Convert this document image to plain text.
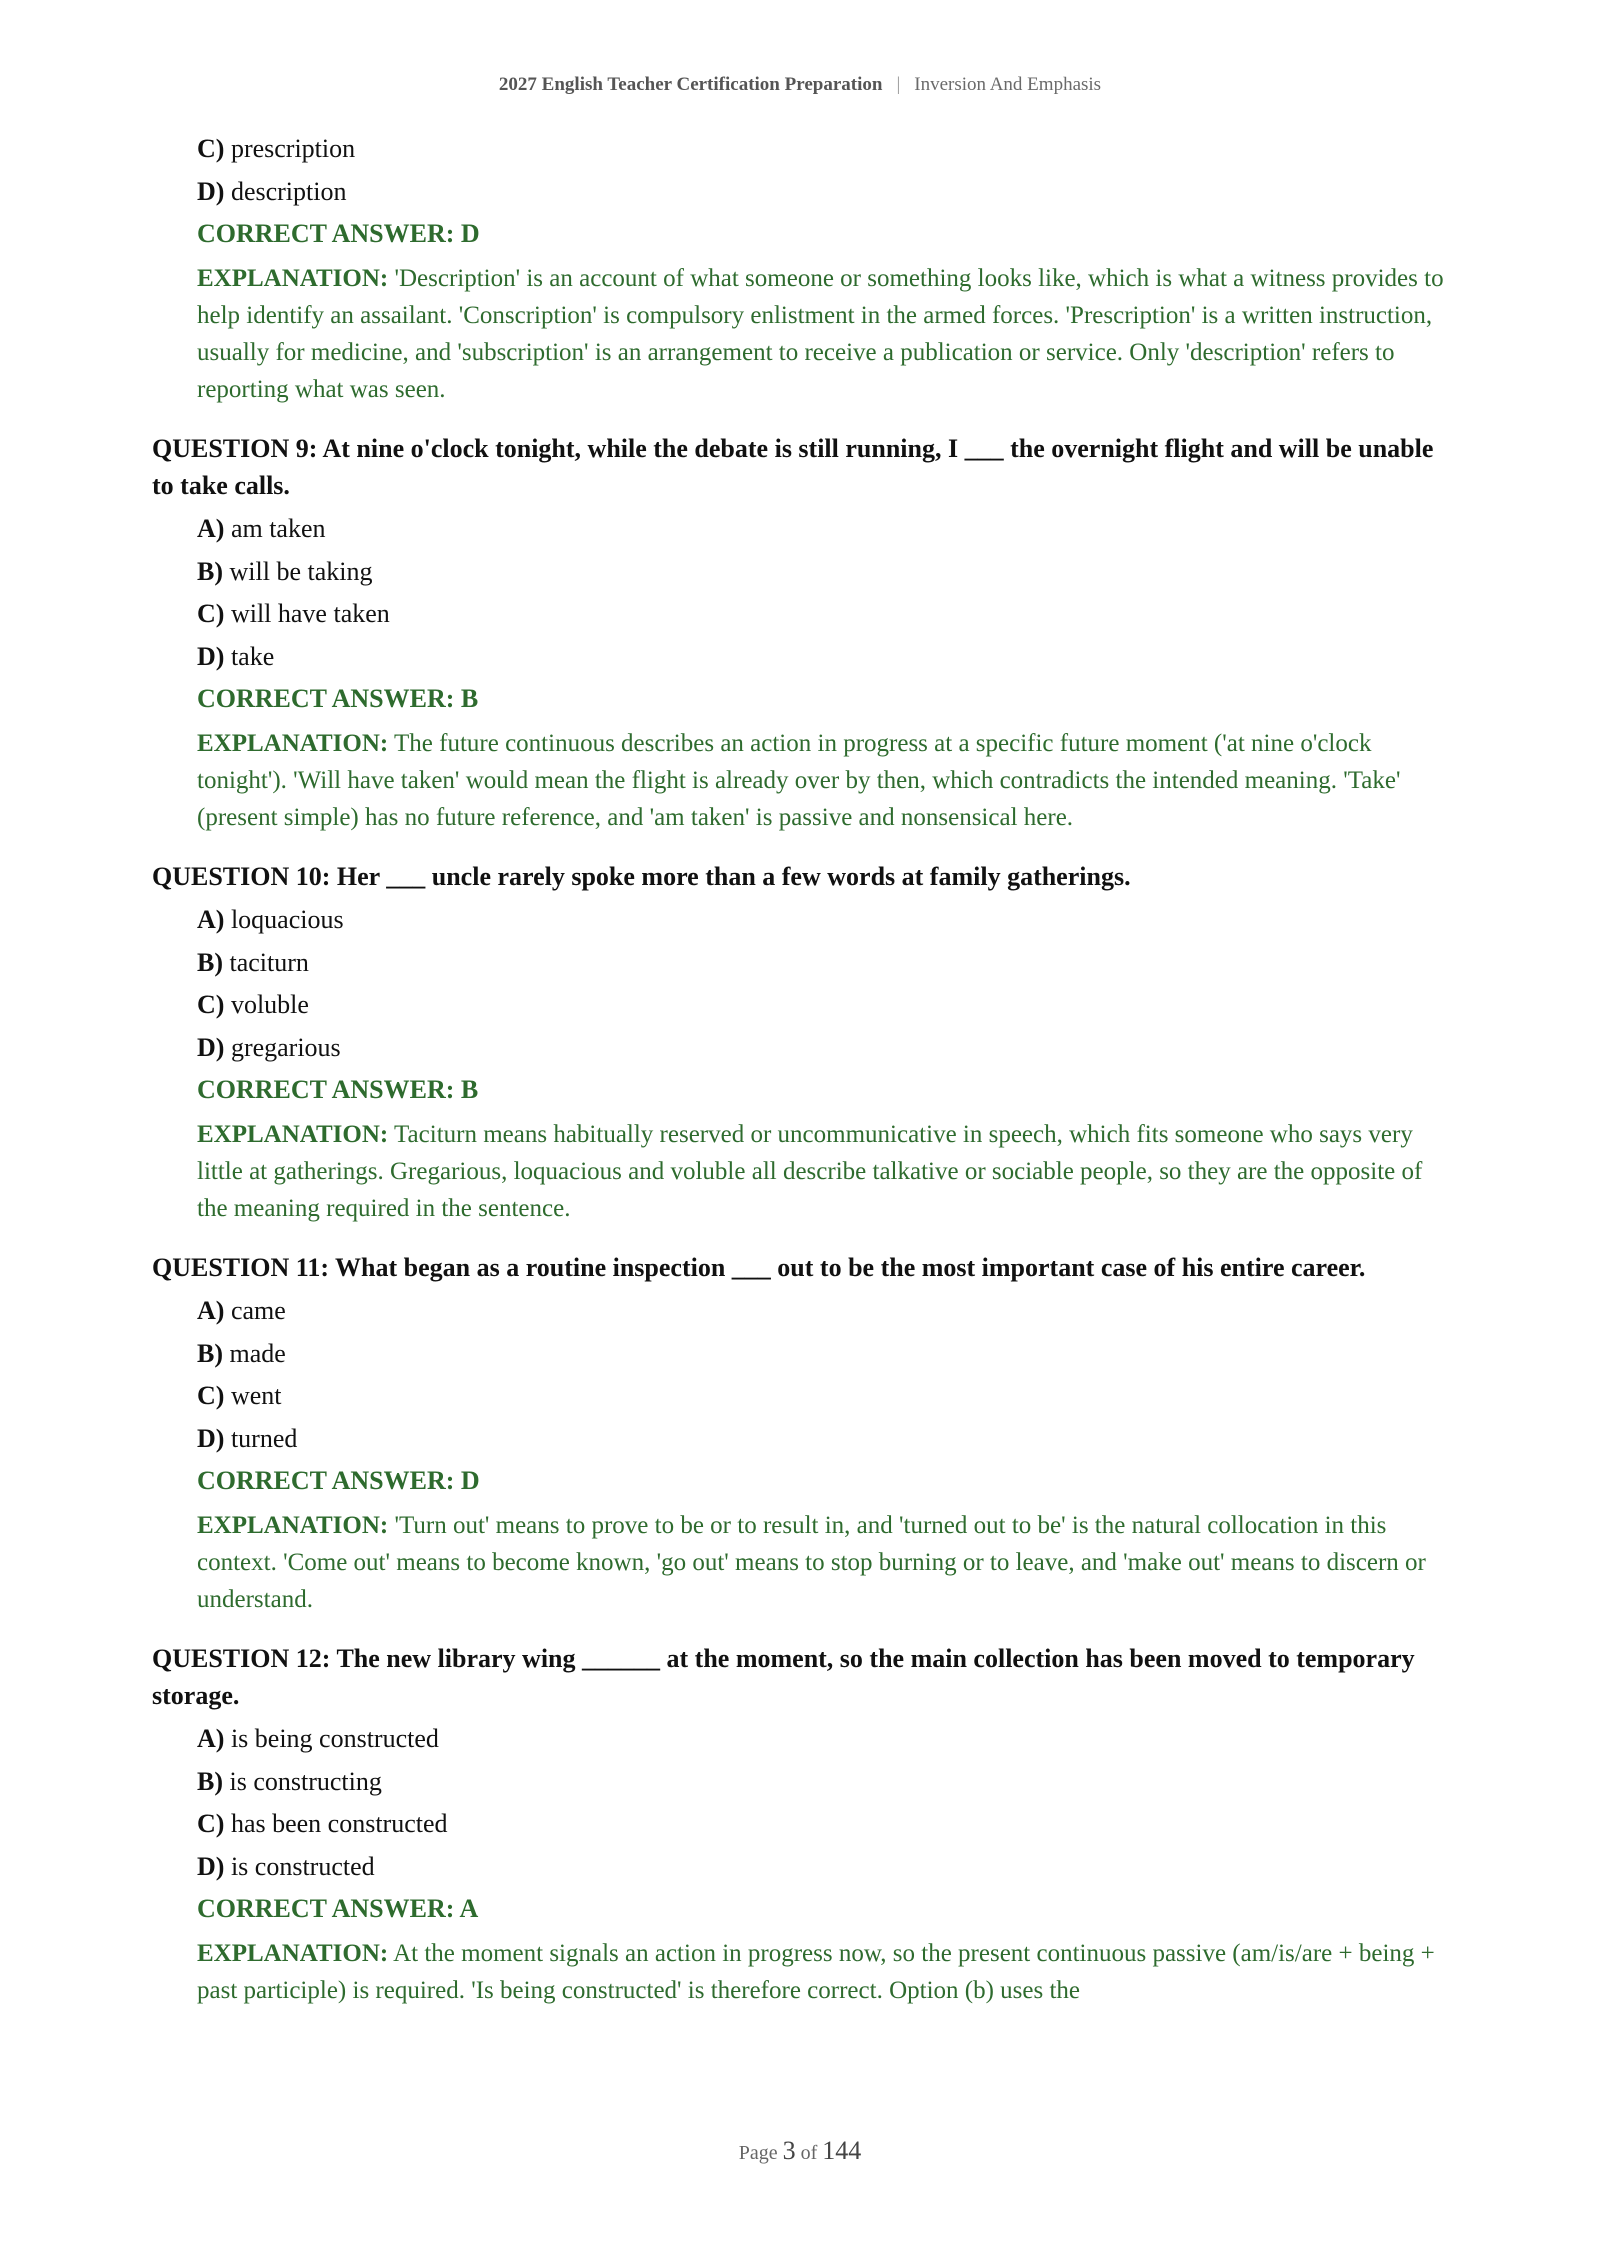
2027 English Teacher Certification Preparation | Inversion And Emphasis
C) prescription
D) description
CORRECT ANSWER: D
EXPLANATION: 'Description' is an account of what someone or something looks like, which is what a witness provides to help identify an assailant. 'Conscription' is compulsory enlistment in the armed forces. 'Prescription' is a written instruction, usually for medicine, and 'subscription' is an arrangement to receive a publication or service. Only 'description' refers to reporting what was seen.
QUESTION 9: At nine o'clock tonight, while the debate is still running, I ___ the overnight flight and will be unable to take calls.
A) am taken
B) will be taking
C) will have taken
D) take
CORRECT ANSWER: B
EXPLANATION: The future continuous describes an action in progress at a specific future moment ('at nine o'clock tonight'). 'Will have taken' would mean the flight is already over by then, which contradicts the intended meaning. 'Take' (present simple) has no future reference, and 'am taken' is passive and nonsensical here.
QUESTION 10: Her ___ uncle rarely spoke more than a few words at family gatherings.
A) loquacious
B) taciturn
C) voluble
D) gregarious
CORRECT ANSWER: B
EXPLANATION: Taciturn means habitually reserved or uncommunicative in speech, which fits someone who says very little at gatherings. Gregarious, loquacious and voluble all describe talkative or sociable people, so they are the opposite of the meaning required in the sentence.
QUESTION 11: What began as a routine inspection ___ out to be the most important case of his entire career.
A) came
B) made
C) went
D) turned
CORRECT ANSWER: D
EXPLANATION: 'Turn out' means to prove to be or to result in, and 'turned out to be' is the natural collocation in this context. 'Come out' means to become known, 'go out' means to stop burning or to leave, and 'make out' means to discern or understand.
QUESTION 12: The new library wing ______ at the moment, so the main collection has been moved to temporary storage.
A) is being constructed
B) is constructing
C) has been constructed
D) is constructed
CORRECT ANSWER: A
EXPLANATION: At the moment signals an action in progress now, so the present continuous passive (am/is/are + being + past participle) is required. 'Is being constructed' is therefore correct. Option (b) uses the
Page 3 of 144
